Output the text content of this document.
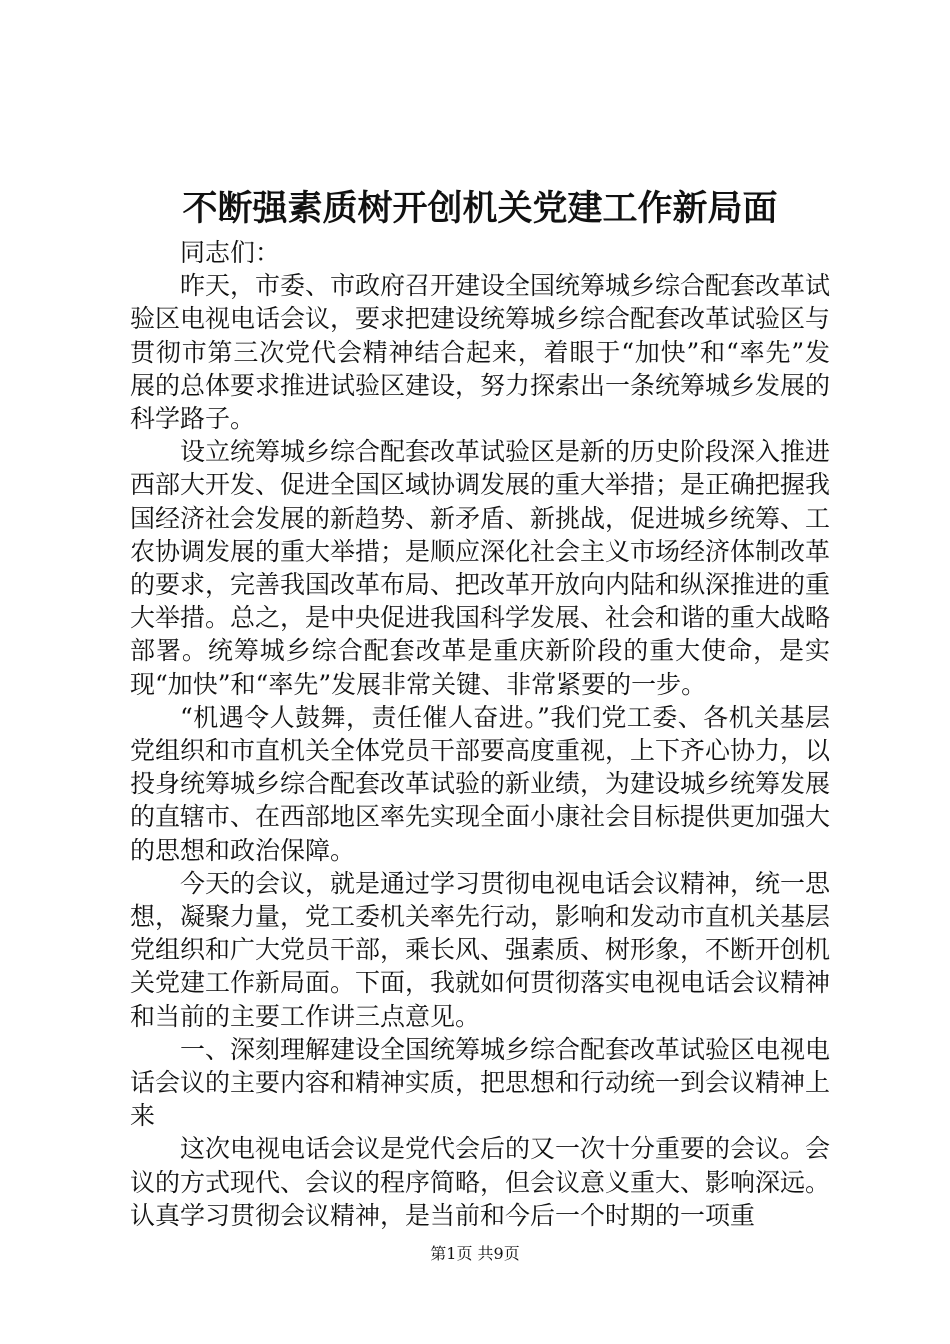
不断强素质树开创机关党建工作新局面

同志们：

昨天，市委、市政府召开建设全国统筹城乡综合配套改革试验区电视电话会议，要求把建设统筹城乡综合配套改革试验区与贯彻市第三次党代会精神结合起来，着眼于“加快”和“率先”发展的总体要求推进试验区建设，努力探索出一条统筹城乡发展的科学路子。

设立统筹城乡综合配套改革试验区是新的历史阶段深入推进西部大开发、促进全国区域协调发展的重大举措；是正确把握我国经济社会发展的新趋势、新矛盾、新挑战，促进城乡统筹、工农协调发展的重大举措；是顺应深化社会主义市场经济体制改革的要求，完善我国改革布局、把改革开放向内陆和纵深推进的重大举措。总之，是中央促进我国科学发展、社会和谐的重大战略部署。统筹城乡综合配套改革是重庆新阶段的重大使命，是实现“加快”和“率先”发展非常关键、非常紧要的一步。

“机遇令人鼓舞，责任催人奋进。”我们党工委、各机关基层党组织和市直机关全体党员干部要高度重视，上下齐心协力，以投身统筹城乡综合配套改革试验的新业绩，为建设城乡统筹发展的直辖市、在西部地区率先实现全面小康社会目标提供更加强大的思想和政治保障。

今天的会议，就是通过学习贯彻电视电话会议精神，统一思想，凝聚力量，党工委机关率先行动，影响和发动市直机关基层党组织和广大党员干部，乘长风、强素质、树形象，不断开创机关党建工作新局面。下面，我就如何贯彻落实电视电话会议精神和当前的主要工作讲三点意见。

一、深刻理解建设全国统筹城乡综合配套改革试验区电视电话会议的主要内容和精神实质，把思想和行动统一到会议精神上来

这次电视电话会议是党代会后的又一次十分重要的会议。会议的方式现代、会议的程序简略，但会议意义重大、影响深远。认真学习贯彻会议精神，是当前和今后一个时期的一项重

第1页 共9页
